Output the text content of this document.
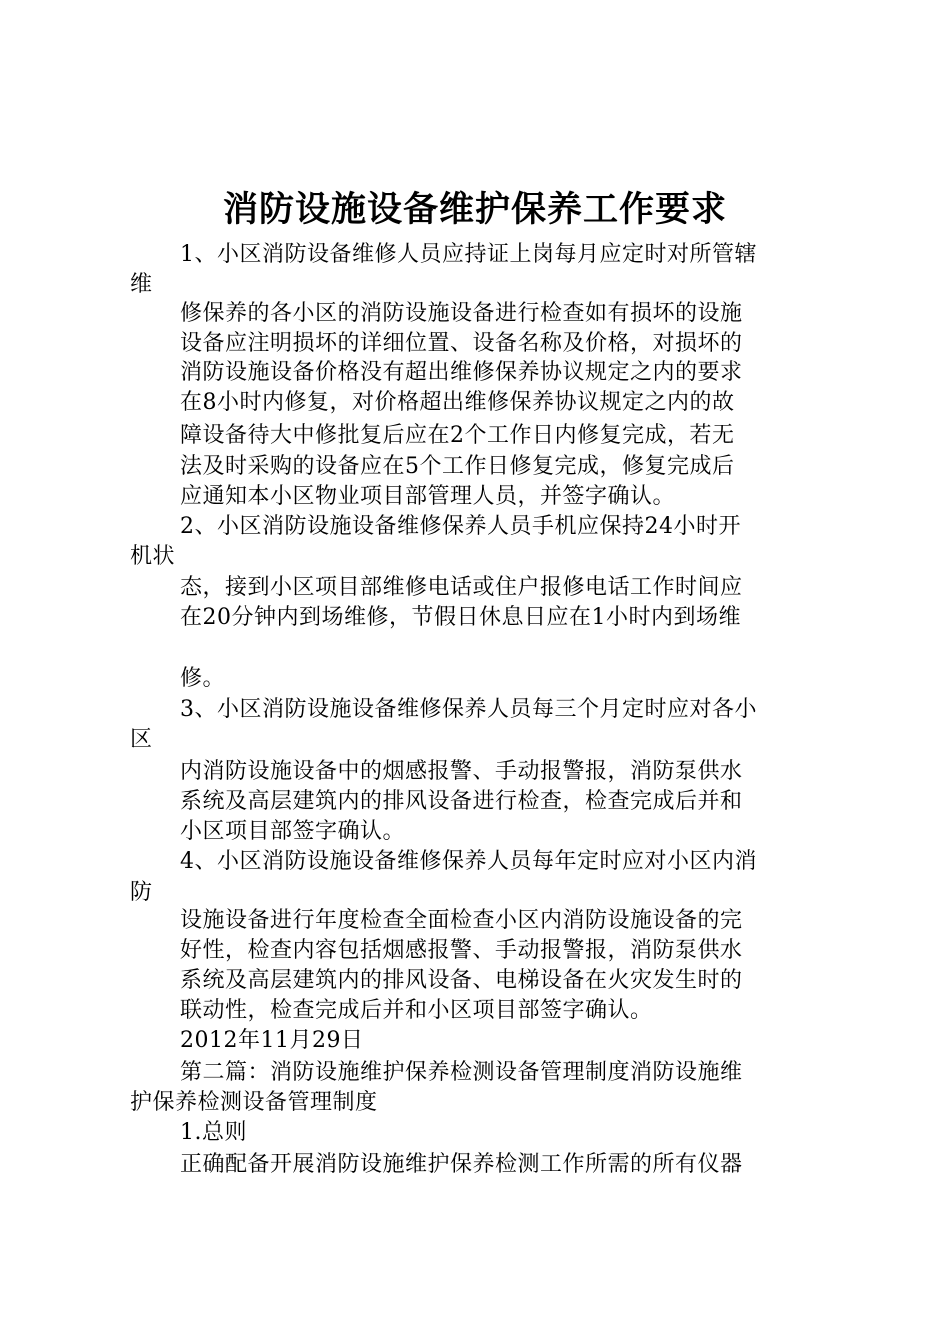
消防设施设备维护保养工作要求
1、小区消防设备维修人员应持证上岗每月应定时对所管辖
维
修保养的各小区的消防设施设备进行检查如有损坏的设施
设备应注明损坏的详细位置、设备名称及价格，对损坏的
消防设施设备价格没有超出维修保养协议规定之内的要求
在8小时内修复，对价格超出维修保养协议规定之内的故
障设备待大中修批复后应在2个工作日内修复完成，若无
法及时采购的设备应在5个工作日修复完成，修复完成后
应通知本小区物业项目部管理人员，并签字确认。
2、小区消防设施设备维修保养人员手机应保持24小时开
机状
态，接到小区项目部维修电话或住户报修电话工作时间应
在20分钟内到场维修，节假日休息日应在1小时内到场维
修。
3、小区消防设施设备维修保养人员每三个月定时应对各小
区
内消防设施设备中的烟感报警、手动报警报，消防泵供水
系统及高层建筑内的排风设备进行检查，检查完成后并和
小区项目部签字确认。
4、小区消防设施设备维修保养人员每年定时应对小区内消
防
设施设备进行年度检查全面检查小区内消防设施设备的完
好性，检查内容包括烟感报警、手动报警报，消防泵供水
系统及高层建筑内的排风设备、电梯设备在火灾发生时的
联动性，检查完成后并和小区项目部签字确认。
2012年11月29日
第二篇：消防设施维护保养检测设备管理制度消防设施维
护保养检测设备管理制度
1.总则
正确配备开展消防设施维护保养检测工作所需的所有仪器
